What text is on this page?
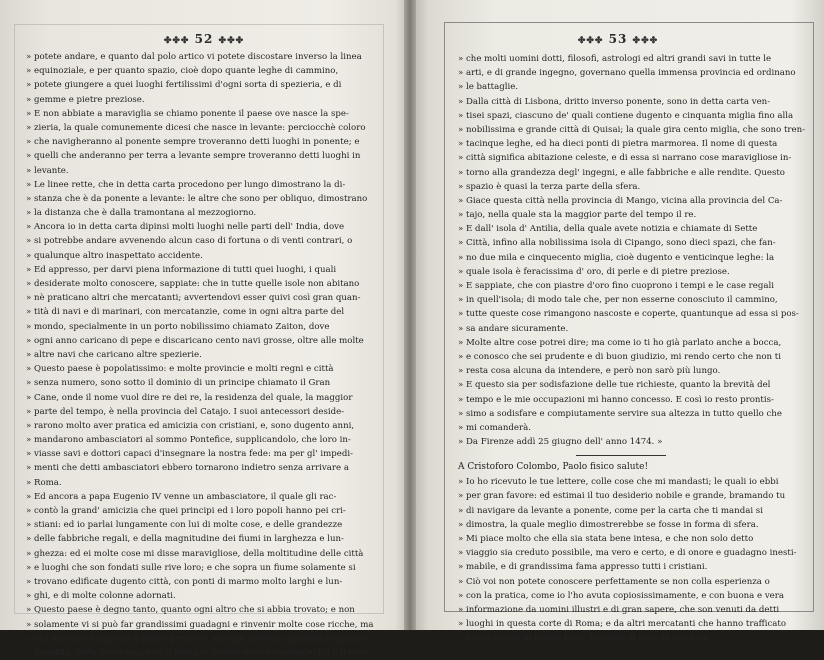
✤✤✤ 52 ✤✤✤
» potete andare, e quanto dal polo artico vi potete discostare inverso la linea
» equinoziale, e per quanto spazio, cioè dopo quante leghe di cammino,
» potete giungere a quei luoghi fertilissimi d'ogni sorta di spezieria, e di
» gemme e pietre preziose.
» E non abbiate a maraviglia se chiamo ponente il paese ove nasce la spe-
» zieria, la quale comunemente dicesi che nasce in levante: perciocchè coloro
» che navigheranno al ponente sempre troveranno detti luoghi in ponente; e
» quelli che anderanno per terra a levante sempre troveranno detti luoghi in
» levante.
» Le linee rette, che in detta carta procedono per lungo dimostrano la di-
» stanza che è da ponente a levante: le altre che sono per obliquo, dimostrano
» la distanza che è dalla tramontana al mezzogiorno.
» Ancora io in detta carta dipinsi molti luoghi nelle parti dell' India, dove
» si potrebbe andare avvenendo alcun caso di fortuna o di venti contrari, o
» qualunque altro inaspettato accidente.
» Ed appresso, per darvi piena informazione di tutti quei luoghi, i quali
» desiderate molto conoscere, sappiate: che in tutte quelle isole non abitano
» nè praticano altri che mercatanti; avvertendovi esser quivi così gran quan-
» tità di navi e di marinari, con mercatanzie, come in ogni altra parte del
» mondo, specialmente in un porto nobilissimo chiamato Zaiton, dove
» ogni anno caricano di pepe e discaricano cento navi grosse, oltre alle molte
» altre navi che caricano altre spezierie.
» Questo paese è popolatissimo: e molte provincie e molti regni e città
» senza numero, sono sotto il dominio di un principe chiamato il Gran
» Cane, onde il nome vuol dire re dei re, la residenza del quale, la maggior
» parte del tempo, è nella provincia del Catajo. I suoi antecessori deside-
» rarono molto aver pratica ed amicizia con cristiani, e, sono dugento anni,
» mandarono ambasciatori al sommo Pontefice, supplicandolo, che loro in-
» viasse savi e dottori capaci d'insegnare la nostra fede: ma per gl' impedi-
» menti che detti ambasciatori ebbero tornarono indietro senza arrivare a
» Roma.
» Ed ancora a papa Eugenio IV venne un ambasciatore, il quale gli rac-
» contò la grand' amicizia che quei principi ed i loro popoli hanno pei cri-
» stiani: ed io parlai lungamente con lui di molte cose, e delle grandezze
» delle fabbriche regali, e della magnitudine dei fiumi in larghezza e lun-
» ghezza: ed ei molte cose mi disse maravigliose, della moltitudine delle città
» e luoghi che son fondati sulle rive loro; e che sopra un fiume solamente si
» trovano edificate dugento città, con ponti di marmo molto larghi e lun-
» ghi, e di molte colonne adornati.
» Questo paese è degno tanto, quanto ogni altro che si abbia trovato; e non
» solamente vi si può far grandissimi guadagni e rinvenir molte cose ricche, ma
» oro ancoro ed argento e pietre preziose, ed ogni sorta di spezieria in grande
» quantità, della quale mai non si porta in queste nostre contrade. Ed è il vero,
✤✤✤ 53 ✤✤✤
» che molti uomini dotti, filosofi, astrologi ed altri grandi savi in tutte le
» arti, e di grande ingegno, governano quella immensa provincia ed ordinano
» le battaglie.
» Dalla città di Lisbona, dritto inverso ponente, sono in detta carta ven-
» tisei spazi, ciascuno de' quali contiene dugento e cinquanta miglia fino alla
» nobilissima e grande città di Quisai; la quale gira cento miglia, che sono tren-
» tacinque leghe, ed ha dieci ponti di pietra marmorea. Il nome di questa
» città significa abitazione celeste, e di essa si narrano cose maravigliose in-
» torno alla grandezza degl' ingegni, e alle fabbriche e alle rendite. Questo
» spazio è quasi la terza parte della sfera.
» Giace questa città nella provincia di Mango, vicina alla provincia del Ca-
» tajo, nella quale sta la maggior parte del tempo il re.
» E dall' isola d' Antilia, della quale avete notizia e chiamate di Sette
» Città, infino alla nobilissima isola di Cipango, sono dieci spazi, che fan-
» no due mila e cinquecento miglia, cioè dugento e venticinque leghe: la
» quale isola è feracissima d' oro, di perle e di pietre preziose.
» E sappiate, che con piastre d'oro fino cuoprono i tempi e le case regali
» in quell'isola; di modo tale che, per non esserne conosciuto il cammino,
» tutte queste cose rimangono nascoste e coperte, quantunque ad essa si pos-
» sa andare sicuramente.
» Molte altre cose potrei dire; ma come io ti ho già parlato anche a bocca,
» e conosco che sei prudente e di buon giudizio, mi rendo certo che non ti
» resta cosa alcuna da intendere, e però non sarò più lungo.
» E questo sia per sodisfazione delle tue richieste, quanto la brevità del
» tempo e le mie occupazioni mi hanno concesso. E così io resto prontis-
» simo a sodisfare e compiutamente servire sua altezza in tutto quello che
» mi comanderà.
» Da Firenze addì 25 giugno dell' anno 1474. »
A Cristoforo Colombo, Paolo fisico salute!
» Io ho ricevuto le tue lettere, colle cose che mi mandasti; le quali io ebbi
» per gran favore: ed estimai il tuo desiderio nobile e grande, bramando tu
» di navigare da levante a ponente, come per la carta che ti mandai si
» dimostra, la quale meglio dimostrerebbe se fosse in forma di sfera.
» Mi piace molto che ella sia stata bene intesa, e che non solo detto
» viaggio sia creduto possibile, ma vero e certo, e di onore e guadagno inesti-
» mabile, e di grandissima fama appresso tutti i cristiani.
» Ciò voi non potete conoscere perfettamente se non colla esperienza o
» con la pratica, come io l'ho avuta copiosissimamente, e con buona e vera
» informazione da uomini illustri e di gran sapere, che son venuti da detti
» luoghi in questa corte di Roma; e da altri mercatanti che hanno trafficato
» lungo tempo in quelle parti, persone di grande autorità.
